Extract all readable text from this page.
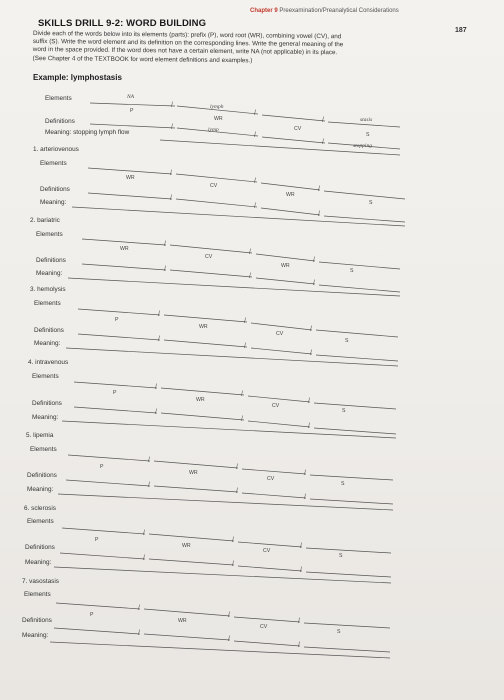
Chapter 9 Preexamination/Preanalytical Considerations
187
SKILLS DRILL 9-2: WORD BUILDING

Divide each of the words below into its elements (parts): prefix (P), word root (WR), combining vowel (CV), and

suffix (S). Write the word element and its definition on the corresponding lines. Write the general meaning of the

word in the space provided. If the word does not have a certain element, write NA (not applicable) in its place.

(See Chapter 4 of the TEXTBOOK for word element definitions and examples.)

Example: lymphostasis
Elements	NA
P
lymph
WR
lymp	CV
stasis
S
stopping
Definitions
Meaning: stopping lymph flow
1. arteriovenous
Elements
WR
CV
WR
S
Definitions
Meaning:
2. bariatric
Elements
WR
CV
WR
S
Definitions
Meaning:
3. hemolysis
Elements
P
WR
CV
S
Definitions
Meaning:
4. intravenous
Elements
P
WR
CV
S
Definitions
Meaning:
5. lipemia
Elements
P
WR
CV
S
Definitions
Meaning:
6. sclerosis
Elements
P
WR
CV
S
Definitions
Meaning:
7. vasostasis
Elements
P
WR
CV
S
Definitions
Meaning:
/
/
/
/
/
/
/
/
/
/
/
/
/
/
/
/
/
/
/
/
/
/
/
/
/
/
/
/
/
/
/
/
/
/
/
/
/
/
/
/
/
/
/
/
/
/
/
/
